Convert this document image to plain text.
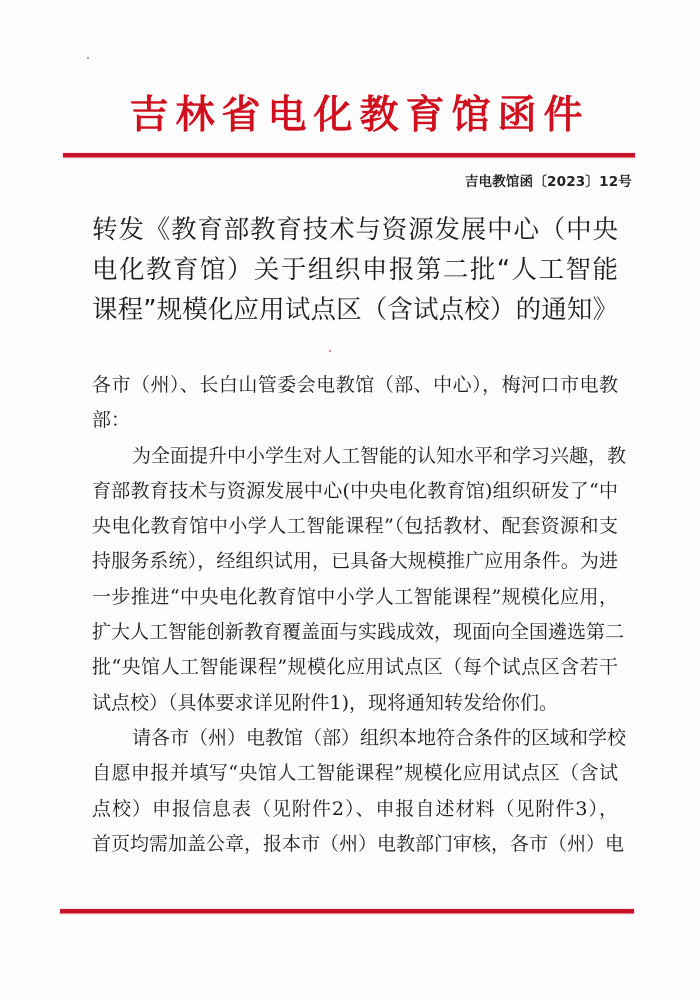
吉 林 省 电 化 教 育 馆 函 件
吉电教馆函〔2023〕12号
转发《教育部教育技术与资源发展中心（中央
电化教育馆）关于组织申报第二批“人工智能
课程”规模化应用试点区（含试点校）的通知》
各市（州）、长白山管委会电教馆（部、中心），梅河口市电教
部：
为全面提升中小学生对人工智能的认知水平和学习兴趣，教
育部教育技术与资源发展中心(中央电化教育馆)组织研发了“中
央电化教育馆中小学人工智能课程”（包括教材、配套资源和支
持服务系统），经组织试用，已具备大规模推广应用条件。为进
一步推进“中央电化教育馆中小学人工智能课程”规模化应用，
扩大人工智能创新教育覆盖面与实践成效，现面向全国遴选第二
批“央馆人工智能课程”规模化应用试点区（每个试点区含若干
试点校）（具体要求详见附件1)，现将通知转发给你们。
请各市（州）电教馆（部）组织本地符合条件的区域和学校
自愿申报并填写“央馆人工智能课程”规模化应用试点区（含试
点校）申报信息表（见附件2）、申报自述材料（见附件3），
首页均需加盖公章，报本市（州）电教部门审核，各市（州）电
